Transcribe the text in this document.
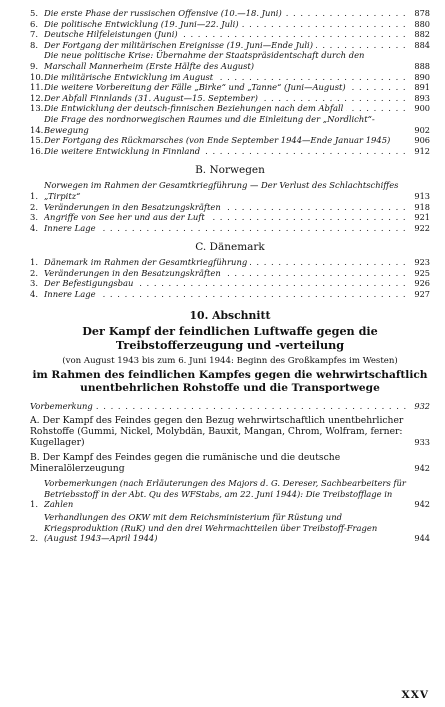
5. Die erste Phase der russischen Offensive (10.—18. Juni) . . .	878
6. Die politische Entwicklung (19. Juni—22. Juli) . . .	880
7. Deutsche Hilfeleistungen (Juni) . . .	882
8. Der Fortgang der militärischen Ereignisse (19. Juni—Ende Juli) . . .	884
9.
Die neue politische Krise: Übernahme der Staatspräsidentschaft durch den Marschall Mannerheim (Erste Hälfte des August)
. . .	888
10. Die militärische Entwicklung im August . . .	890
11. Die weitere Vorbereitung der Fälle „Birke“ und „Tanne“ (Juni—August) . . .	891
12. Der Abfall Finnlands (31. August—15. September) . . .	893
13. Die Entwicklung der deutsch-finnischen Beziehungen nach dem Abfall . . .	900
14.
Die Frage des nordnorwegischen Raumes und die Einleitung der „Nordlicht“-Bewegung
. . .	902
15. Der Fortgang des Rückmarsches (von Ende September 1944—Ende Januar 1945)
. . .	906
16. Die weitere Entwicklung in Finnland . . .	912
B. Norwegen
1.
Norwegen im Rahmen der Gesamtkriegführung — Der Verlust des Schlachtschiffes „Tirpitz“
. . .	913
2. Veränderungen in den Besatzungskräften . . .	918
3. Angriffe von See her und aus der Luft . . .	921
4. Innere Lage . . .	922
C. Dänemark
1. Dänemark im Rahmen der Gesamtkriegführung . . .	923
2. Veränderungen in den Besatzungskräften . . .	925
3. Der Befestigungsbau . . .	926
4. Innere Lage . . .	927
10. Abschnitt
Der Kampf der feindlichen Luftwaffe gegen die Treibstofferzeugung und -verteilung
(von August 1943 bis zum 6. Juni 1944: Beginn des Großkampfes im Westen)
im Rahmen des feindlichen Kampfes gegen die wehrwirtschaftlich unentbehrlichen Rohstoffe und die Transportwege
Vorbemerkung . . .	932
A. Der Kampf des Feindes gegen den Bezug wehrwirtschaftlich unentbehrlicher Rohstoffe (Gummi, Nickel, Molybdän, Bauxit, Mangan, Chrom, Wolfram, ferner: Kugellager)
. . .	933
B. Der Kampf des Feindes gegen die rumänische und die deutsche Mineralölerzeugung
. . .	942
1.
Vorbemerkungen (nach Erläuterungen des Majors d. G. Dereser, Sachbearbeiters für Betriebsstoff in der Abt. Qu des WFStabs, am 22. Juni 1944): Die Treibstofflage in Zahlen
. . .	942
2.
Verhandlungen des OKW mit dem Reichsministerium für Rüstung und Kriegsproduktion (RuK) und den drei Wehrmachtteilen über Treibstoff-Fragen (August 1943—April 1944)
. . .	944
XXV
